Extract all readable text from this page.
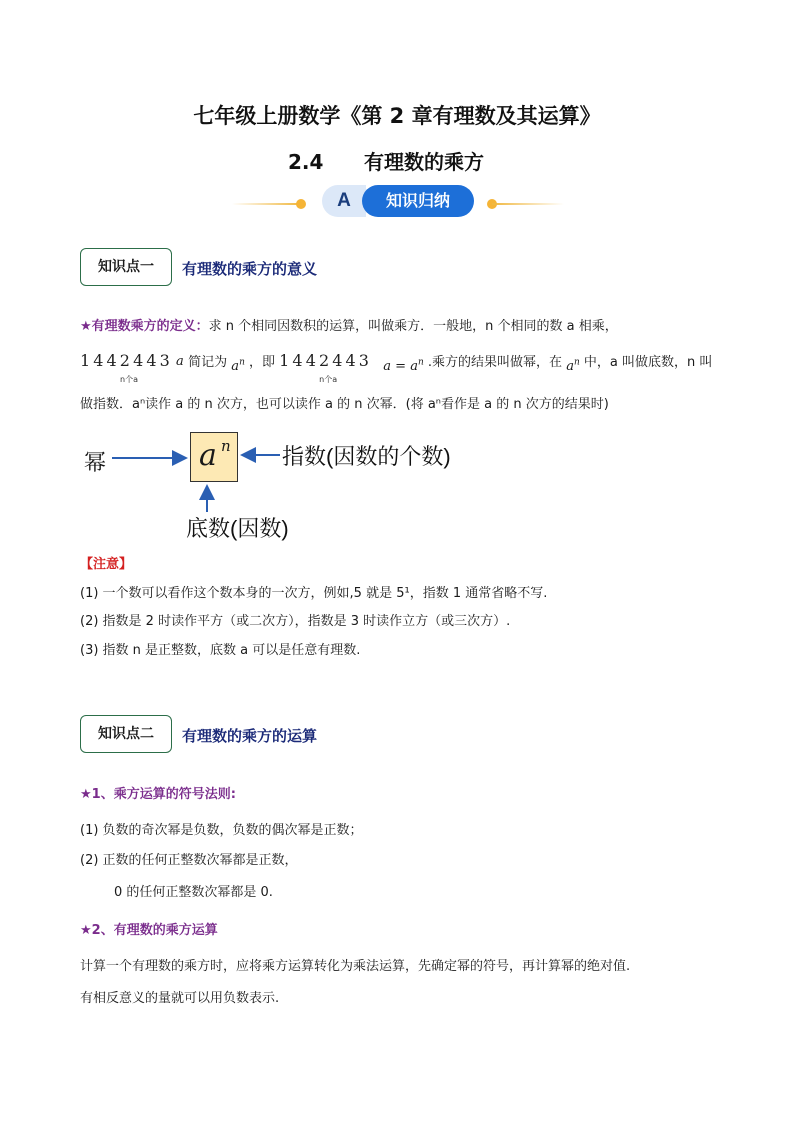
七年级上册数学《第 2 章有理数及其运算》
2.4 有理数的乘方
A	知识归纳
知识点一	有理数的乘方的意义
★有理数乘方的定义：求 n 个相同因数积的运算，叫做乘方．一般地，n 个相同的数 a 相乘，
1 4 4 2 4 4 3
n个a
a 简记为 $a^n$ ，即 1 4 4 2 4 4 3
n个a
$a = a^n$ .乘方的结果叫做幂，在 $a^n$ 中，a 叫做底数，n 叫
做指数．aⁿ读作 a 的 n 次方，也可以读作 a 的 n 次幂．(将 aⁿ看作是 a 的 n 次方的结果时)
幂	a n 指数(因数的个数)
底数(因数)
【注意】
(1) 一个数可以看作这个数本身的一次方，例如,5 就是 5¹，指数 1 通常省略不写.
(2) 指数是 2 时读作平方（或二次方），指数是 3 时读作立方（或三次方）.
(3) 指数 n 是正整数，底数 a 可以是任意有理数.
知识点二	有理数的乘方的运算
★1、乘方运算的符号法则:
(1) 负数的奇次幂是负数，负数的偶次幂是正数；
(2) 正数的任何正整数次幂都是正数，
0 的任何正整数次幂都是 0.
★2、有理数的乘方运算
计算一个有理数的乘方时，应将乘方运算转化为乘法运算，先确定幂的符号，再计算幂的绝对值.
有相反意义的量就可以用负数表示.
